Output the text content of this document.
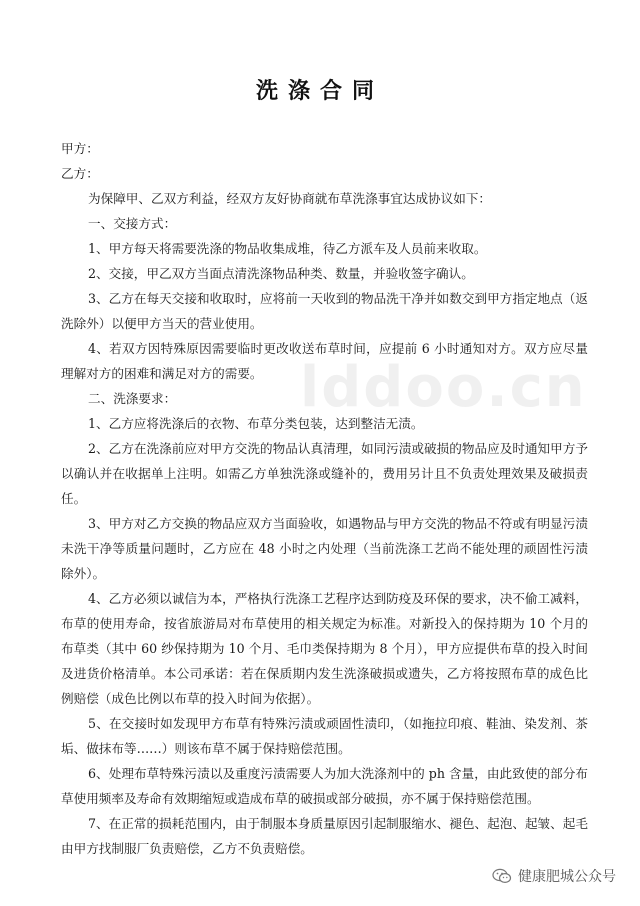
洗涤合同
甲方：
乙方：
为保障甲、乙双方利益，经双方友好协商就布草洗涤事宜达成协议如下：
一、交接方式：
1、甲方每天将需要洗涤的物品收集成堆，待乙方派车及人员前来收取。
2、交接，甲乙双方当面点清洗涤物品种类、数量，并验收签字确认。
3、乙方在每天交接和收取时，应将前一天收到的物品洗干净并如数交到甲方指定地点（返洗除外）以便甲方当天的营业使用。
4、若双方因特殊原因需要临时更改收送布草时间，应提前 6 小时通知对方。双方应尽量理解对方的困难和满足对方的需要。
二、洗涤要求：
1、乙方应将洗涤后的衣物、布草分类包装，达到整洁无渍。
2、乙方在洗涤前应对甲方交洗的物品认真清理，如同污渍或破损的物品应及时通知甲方予以确认并在收据单上注明。如需乙方单独洗涤或缝补的，费用另计且不负责处理效果及破损责任。
3、甲方对乙方交换的物品应双方当面验收，如遇物品与甲方交洗的物品不符或有明显污渍未洗干净等质量问题时，乙方应在 48 小时之内处理（当前洗涤工艺尚不能处理的顽固性污渍除外）。
4、乙方必须以诚信为本，严格执行洗涤工艺程序达到防疫及环保的要求，决不偷工减料，布草的使用寿命，按省旅游局对布草使用的相关规定为标准。对新投入的保持期为 10 个月的布草类（其中 60 纱保持期为 10 个月、毛巾类保持期为 8 个月），甲方应提供布草的投入时间及进货价格清单。本公司承诺：若在保质期内发生洗涤破损或遗失，乙方将按照布草的成色比例赔偿（成色比例以布草的投入时间为依据）。
5、在交接时如发现甲方布草有特殊污渍或顽固性渍印，（如拖拉印痕、鞋油、染发剂、茶垢、做抹布等……）则该布草不属于保持赔偿范围。
6、处理布草特殊污渍以及重度污渍需要人为加大洗涤剂中的 ph 含量，由此致使的部分布草使用频率及寿命有效期缩短或造成布草的破损或部分破损，亦不属于保持赔偿范围。
7、在正常的损耗范围内，由于制服本身质量原因引起制服缩水、褪色、起泡、起皱、起毛由甲方找制服厂负责赔偿，乙方不负责赔偿。
lddoo.cn
健康肥城公众号
